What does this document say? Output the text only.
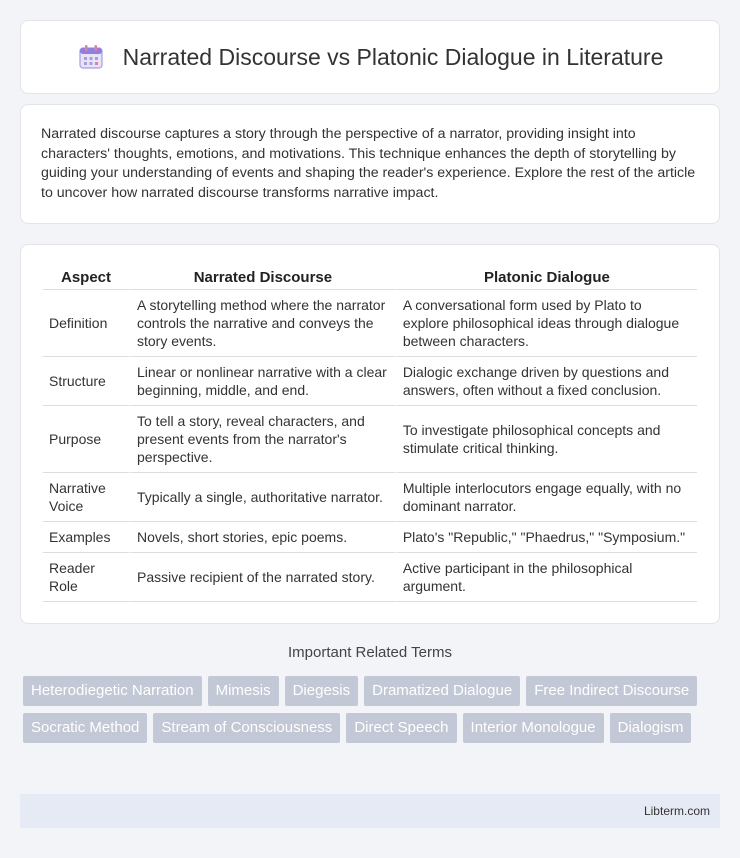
Narrated Discourse vs Platonic Dialogue in Literature

Narrated discourse captures a story through the perspective of a narrator, providing insight into characters' thoughts, emotions, and motivations. This technique enhances the depth of storytelling by guiding your understanding of events and shaping the reader's experience. Explore the rest of the article to uncover how narrated discourse transforms narrative impact.

Aspect	Narrated Discourse	Platonic Dialogue
Definition	A storytelling method where the narrator controls the narrative and conveys the story events.	A conversational form used by Plato to explore philosophical ideas through dialogue between characters.
Structure	Linear or nonlinear narrative with a clear beginning, middle, and end.	Dialogic exchange driven by questions and answers, often without a fixed conclusion.
Purpose	To tell a story, reveal characters, and present events from the narrator's perspective.	To investigate philosophical concepts and stimulate critical thinking.
Narrative Voice	Typically a single, authoritative narrator.	Multiple interlocutors engage equally, with no dominant narrator.
Examples	Novels, short stories, epic poems.	Plato's "Republic," "Phaedrus," "Symposium."
Reader Role	Passive recipient of the narrated story.	Active participant in the philosophical argument.
Important Related Terms
Heterodiegetic Narration	Mimesis	Diegesis	Dramatized Dialogue	Free Indirect Discourse
Socratic Method	Stream of Consciousness	Direct Speech	Interior Monologue	Dialogism
Libterm.com
